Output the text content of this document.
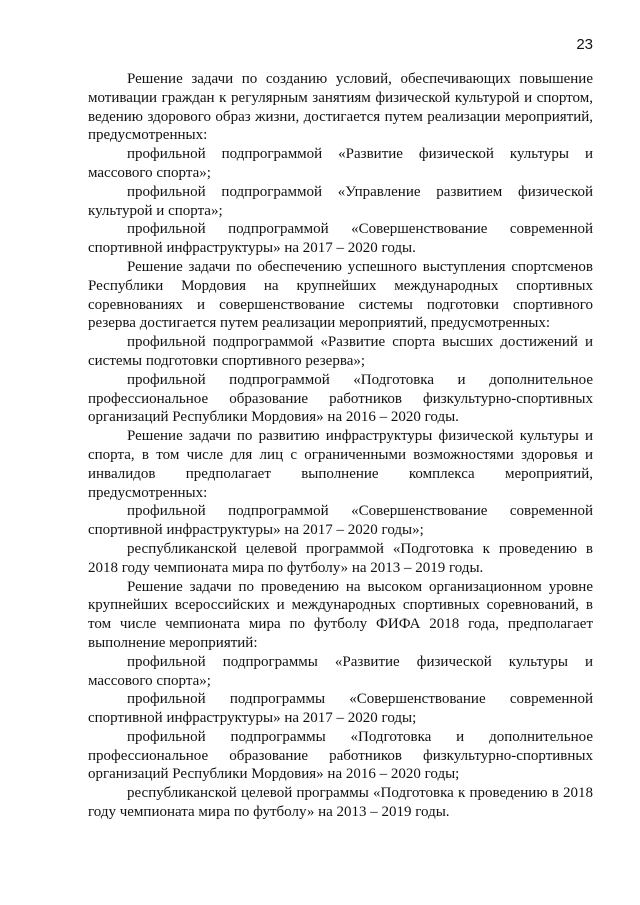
23

Решение задачи по созданию условий, обеспечивающих повышение мотивации граждан к регулярным занятиям физической культурой и спортом, ведению здорового образ жизни, достигается путем реализации мероприятий, предусмотренных:

профильной подпрограммой «Развитие физической культуры и массового спорта»;

профильной подпрограммой «Управление развитием физической культурой и спорта»;

профильной подпрограммой «Совершенствование современной спортивной инфраструктуры» на 2017 – 2020 годы.

Решение задачи по обеспечению успешного выступления спортсменов Республики Мордовия на крупнейших международных спортивных соревнованиях и совершенствование системы подготовки спортивного резерва достигается путем реализации мероприятий, предусмотренных:

профильной подпрограммой «Развитие спорта высших достижений и системы подготовки спортивного резерва»;

профильной подпрограммой «Подготовка и дополнительное профессиональное образование работников физкультурно-спортивных организаций Республики Мордовия» на 2016 – 2020 годы.

Решение задачи по развитию инфраструктуры физической культуры и спорта, в том числе для лиц с ограниченными возможностями здоровья и инвалидов предполагает выполнение комплекса мероприятий, предусмотренных:

профильной подпрограммой «Совершенствование современной спортивной инфраструктуры» на 2017 – 2020 годы»;

республиканской целевой программой «Подготовка к проведению в 2018 году чемпионата мира по футболу» на 2013 – 2019 годы.

Решение задачи по проведению на высоком организационном уровне крупнейших всероссийских и международных спортивных соревнований, в том числе чемпионата мира по футболу ФИФА 2018 года, предполагает выполнение мероприятий:

профильной подпрограммы «Развитие физической культуры и массового спорта»;

профильной подпрограммы «Совершенствование современной спортивной инфраструктуры» на 2017 – 2020 годы;

профильной подпрограммы «Подготовка и дополнительное профессиональное образование работников физкультурно-спортивных организаций Республики Мордовия» на 2016 – 2020 годы;

республиканской целевой программы «Подготовка к проведению в 2018 году чемпионата мира по футболу» на 2013 – 2019 годы.
